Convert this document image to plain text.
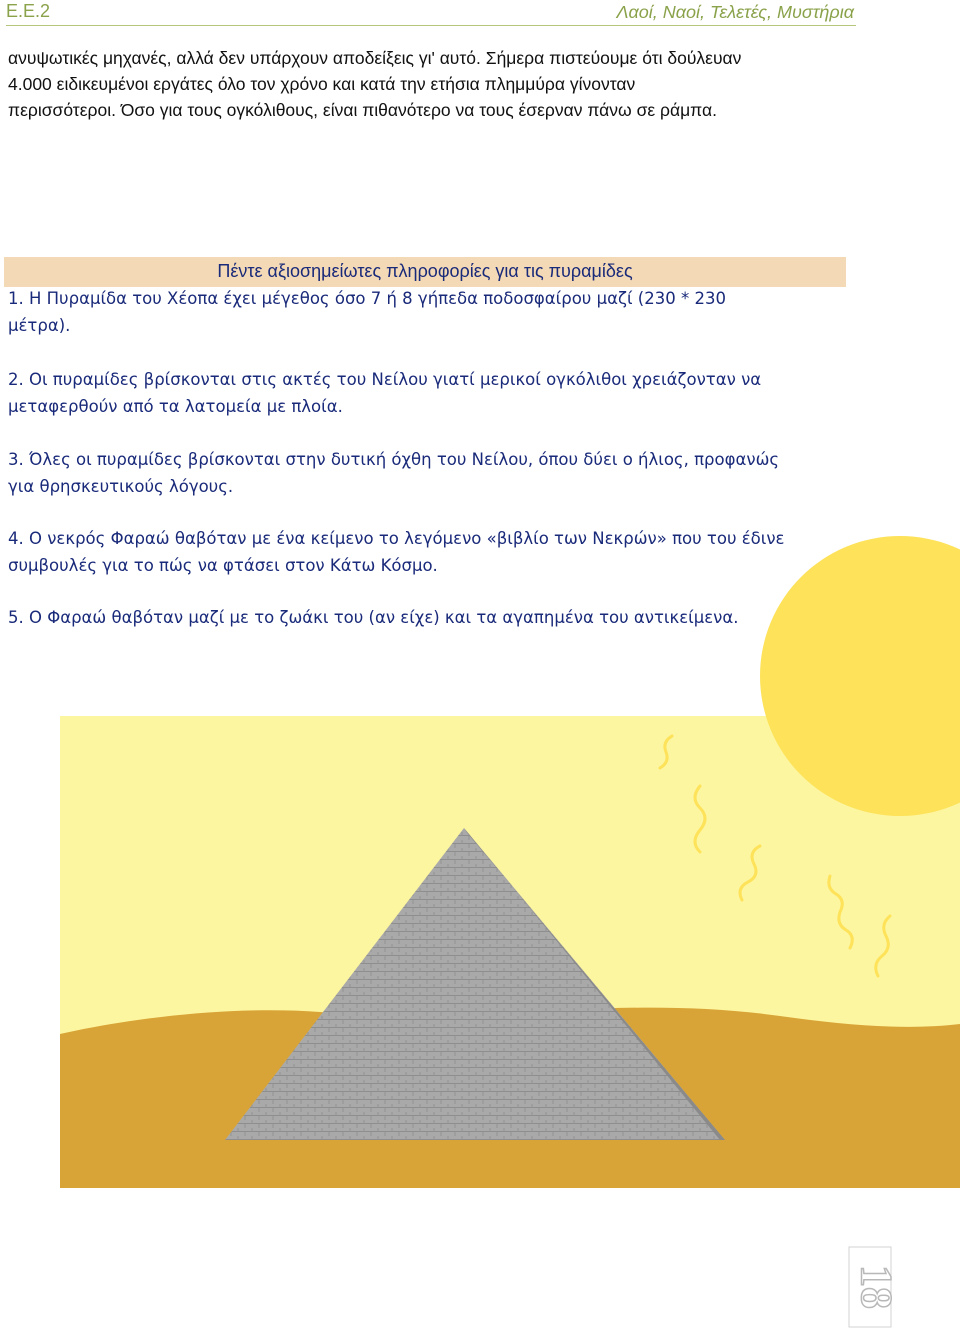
E.E.2	Λαοί, Ναοί, Τελετές, Μυστήρια

ανυψωτικές μηχανές, αλλά δεν υπάρχουν αποδείξεις γι' αυτό. Σήμερα πιστεύουμε ότι δούλευαν

4.000 ειδικευμένοι εργάτες όλο τον χρόνο και κατά την ετήσια πλημμύρα γίνονταν

περισσότεροι. Όσο για τους ογκόλιθους, είναι πιθανότερο να τους έσερναν πάνω σε ράμπα.

Πέντε αξιοσημείωτες πληροφορίες για τις πυραμίδες

1. Η Πυραμίδα του Χέοπα έχει μέγεθος όσο 7 ή 8 γήπεδα ποδοσφαίρου μαζί (230 * 230

μέτρα).

2. Οι πυραμίδες βρίσκονται στις ακτές του Νείλου γιατί μερικοί ογκόλιθοι χρειάζονταν να

μεταφερθούν από τα λατομεία με πλοία.

3. Όλες οι πυραμίδες βρίσκονται στην δυτική όχθη του Νείλου, όπου δύει ο ήλιος, προφανώς

για θρησκευτικούς λόγους.

4. Ο νεκρός Φαραώ θαβόταν με ένα κείμενο το λεγόμενο «βιβλίο των Νεκρών» που του έδινε

συμβουλές για το πώς να φτάσει στον Κάτω Κόσμο.

5. Ο Φαραώ θαβόταν μαζί με το ζωάκι του (αν είχε) και τα αγαπημένα του αντικείμενα.

18
